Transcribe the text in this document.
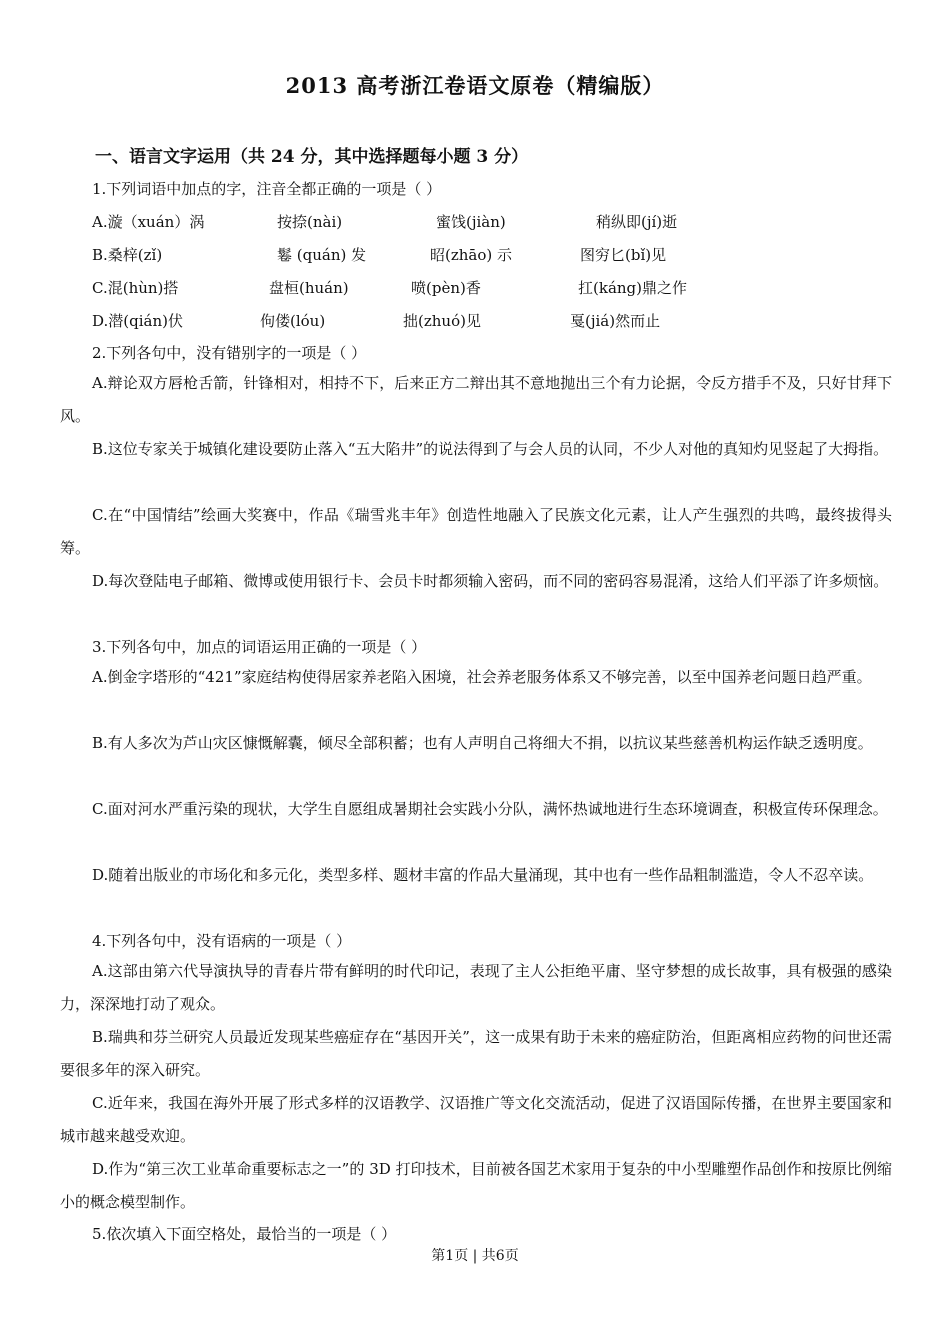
2013 高考浙江卷语文原卷（精编版）
一、语言文字运用（共 24 分，其中选择题每小题 3 分）
1.下列词语中加点的字，注音全都正确的一项是（ ）
A.漩（xuán）涡	按捺(nài)	蜜饯(jiàn)	稍纵即(jí)逝
B.桑梓(zǐ)	鬈 (quán) 发	昭(zhāo) 示	图穷匕(bǐ)见
C.混(hùn)搭	盘桓(huán)	喷(pèn)香	扛(káng)鼎之作
D.潜(qián)伏	佝偻(lóu)	拙(zhuó)见	戛(jiá)然而止
2.下列各句中，没有错别字的一项是（ ）
A.辩论双方唇枪舌箭，针锋相对，相持不下，后来正方二辩出其不意地抛出三个有力论据，令反方措手不及，只好甘拜下风。
B.这位专家关于城镇化建设要防止落入“五大陷井”的说法得到了与会人员的认同，不少人对他的真知灼见竖起了大拇指。
C.在“中国情结”绘画大奖赛中，作品《瑞雪兆丰年》创造性地融入了民族文化元素，让人产生强烈的共鸣，最终拔得头筹。
D.每次登陆电子邮箱、微博或使用银行卡、会员卡时都须输入密码，而不同的密码容易混淆，这给人们平添了许多烦恼。
3.下列各句中，加点的词语运用正确的一项是（ ）
A.倒金字塔形的“421”家庭结构使得居家养老陷入困境，社会养老服务体系又不够完善，以至中国养老问题日趋严重。
B.有人多次为芦山灾区慷慨解囊，倾尽全部积蓄；也有人声明自己将细大不捐，以抗议某些慈善机构运作缺乏透明度。
C.面对河水严重污染的现状，大学生自愿组成暑期社会实践小分队，满怀热诚地进行生态环境调查，积极宣传环保理念。
D.随着出版业的市场化和多元化，类型多样、题材丰富的作品大量涌现，其中也有一些作品粗制滥造，令人不忍卒读。
4.下列各句中，没有语病的一项是（ ）
A.这部由第六代导演执导的青春片带有鲜明的时代印记，表现了主人公拒绝平庸、坚守梦想的成长故事，具有极强的感染力，深深地打动了观众。
B.瑞典和芬兰研究人员最近发现某些癌症存在“基因开关”，这一成果有助于未来的癌症防治，但距离相应药物的问世还需要很多年的深入研究。
C.近年来，我国在海外开展了形式多样的汉语教学、汉语推广等文化交流活动，促进了汉语国际传播，在世界主要国家和城市越来越受欢迎。
D.作为“第三次工业革命重要标志之一”的 3D 打印技术，目前被各国艺术家用于复杂的中小型雕塑作品创作和按原比例缩小的概念模型制作。
5.依次填入下面空格处，最恰当的一项是（ ）
第1页 | 共6页
